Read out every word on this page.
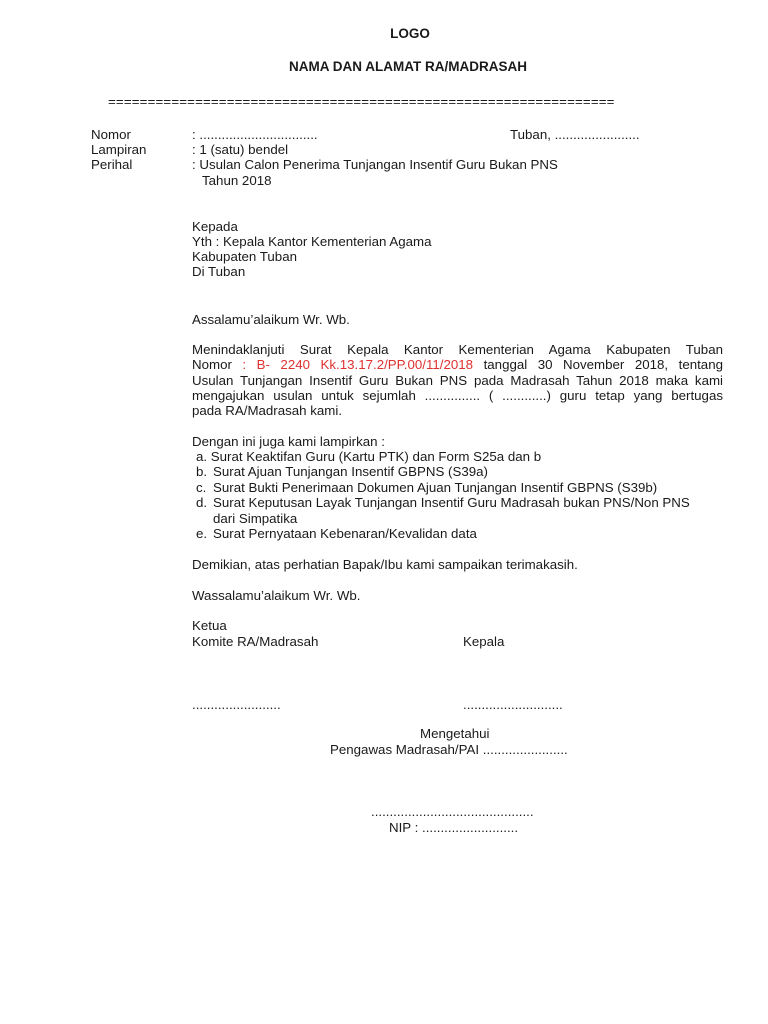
LOGO
NAMA DAN ALAMAT RA/MADRASAH
================================================================
Nomor	: ................................	Tuban, .......................
Lampiran	: 1 (satu) bendel
Perihal	: Usulan Calon Penerima Tunjangan Insentif Guru Bukan PNS
Tahun 2018
Kepada
Yth : Kepala Kantor Kementerian Agama
Kabupaten Tuban
Di Tuban
Assalamu’alaikum Wr. Wb.
Menindaklanjuti Surat Kepala Kantor Kementerian Agama Kabupaten Tuban
Nomor : B- 2240 Kk.13.17.2/PP.00/11/2018 tanggal 30 November 2018, tentang
Usulan Tunjangan Insentif Guru Bukan PNS pada Madrasah Tahun 2018 maka kami
mengajukan usulan untuk sejumlah ............... ( ............) guru tetap yang bertugas
pada RA/Madrasah kami.
Dengan ini juga kami lampirkan :
a. Surat Keaktifan Guru (Kartu PTK) dan Form S25a dan b
b. Surat Ajuan Tunjangan Insentif GBPNS (S39a)
c. Surat Bukti Penerimaan Dokumen Ajuan Tunjangan Insentif GBPNS (S39b)
d. Surat Keputusan Layak Tunjangan Insentif Guru Madrasah bukan PNS/Non PNS
dari Simpatika
e. Surat Pernyataan Kebenaran/Kevalidan data
Demikian, atas perhatian Bapak/Ibu kami sampaikan terimakasih.
Wassalamu’alaikum Wr. Wb.
Ketua
Komite RA/Madrasah	Kepala
........................	...........................
Mengetahui
Pengawas Madrasah/PAI .......................
............................................
NIP : ..........................
